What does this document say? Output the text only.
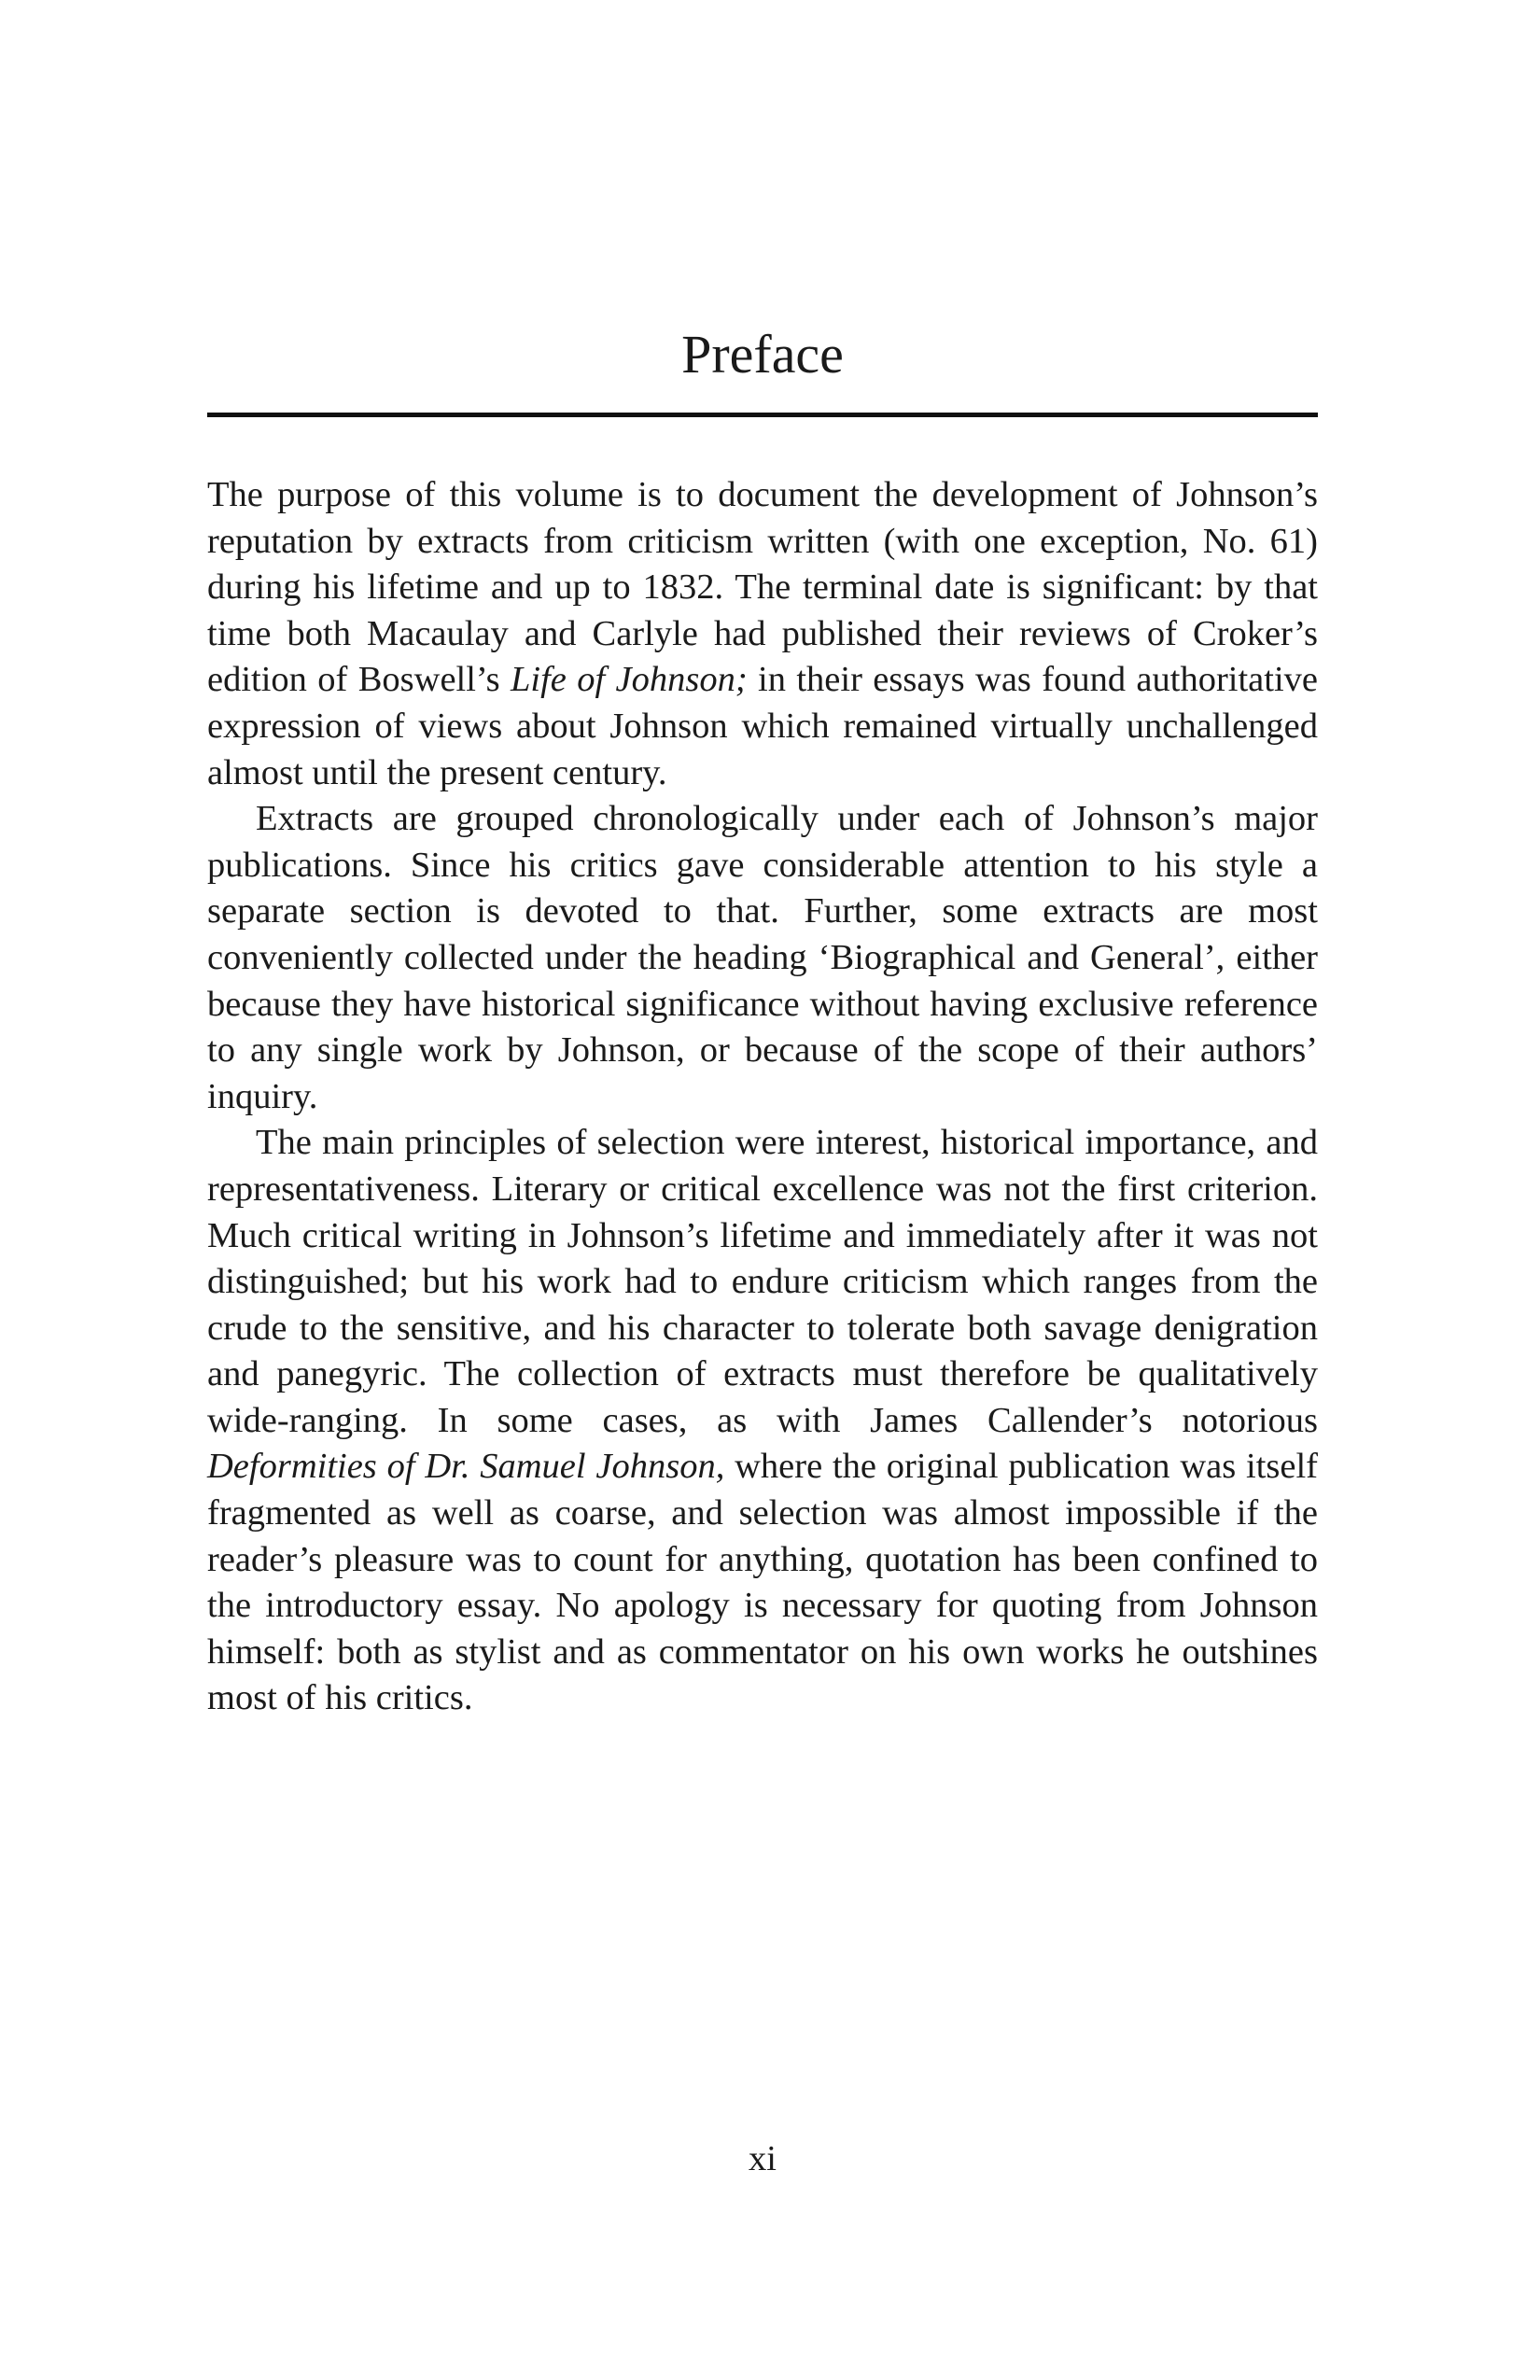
Preface

The purpose of this volume is to document the development of Johnson’s reputation by extracts from criticism written (with one exception, No. 61) during his lifetime and up to 1832. The terminal date is significant: by that time both Macaulay and Carlyle had published their reviews of Croker’s edition of Boswell’s Life of Johnson; in their essays was found authoritative expression of views about Johnson which remained virtually unchallenged almost until the present century.

Extracts are grouped chronologically under each of Johnson’s major publications. Since his critics gave considerable attention to his style a separate section is devoted to that. Further, some extracts are most conveniently collected under the heading ‘Biographical and General’, either because they have historical significance without having exclusive reference to any single work by Johnson, or because of the scope of their authors’ inquiry.

The main principles of selection were interest, historical importance, and representativeness. Literary or critical excellence was not the first criterion. Much critical writing in Johnson’s lifetime and immediately after it was not distinguished; but his work had to endure criticism which ranges from the crude to the sensitive, and his character to tolerate both savage denigration and panegyric. The collection of extracts must therefore be qualitatively wide-ranging. In some cases, as with James Callender’s notorious Deformities of Dr. Samuel Johnson, where the original publication was itself fragmented as well as coarse, and selection was almost impossible if the reader’s pleasure was to count for anything, quotation has been confined to the introductory essay. No apology is necessary for quoting from Johnson himself: both as stylist and as commentator on his own works he outshines most of his critics.

xi
